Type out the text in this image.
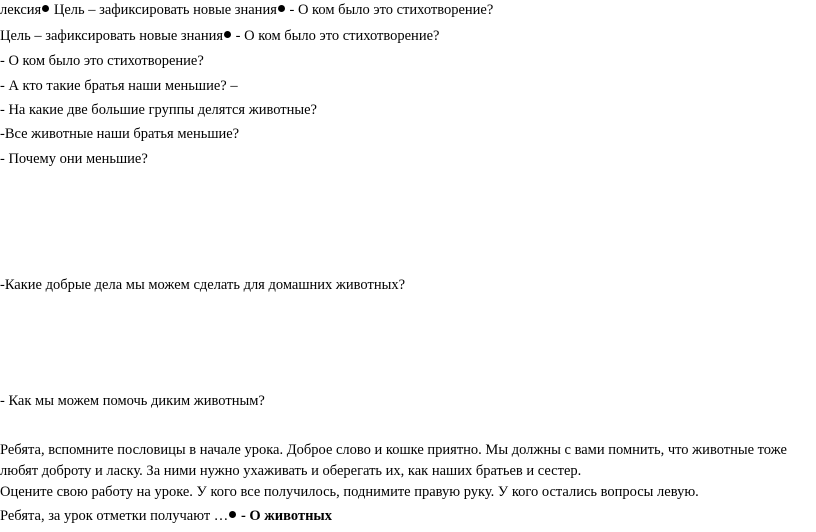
лексия Цель – зафиксировать новые знания - О ком было это стихотворение?
Цель – зафиксировать новые знания - О ком было это стихотворение?
- О ком было это стихотворение?
- А кто такие братья наши меньшие? –
- На какие две большие группы делятся животные?
-Все животные наши братья меньшие?
- Почему они меньшие?
-Какие добрые дела мы можем сделать для домашних животных?
- Как мы можем помочь диким животным?
Ребята, вспомните пословицы в начале урока. Доброе слово и кошке приятно. Мы должны с вами помнить, что животные тоже любят доброту и ласку. За ними нужно ухаживать и оберегать их, как наших братьев и сестер.
Оцените свою работу на уроке. У кого все получилось, поднимите правую руку. У кого остались вопросы левую.
Ребята, за урок отметки получают … - О животных
